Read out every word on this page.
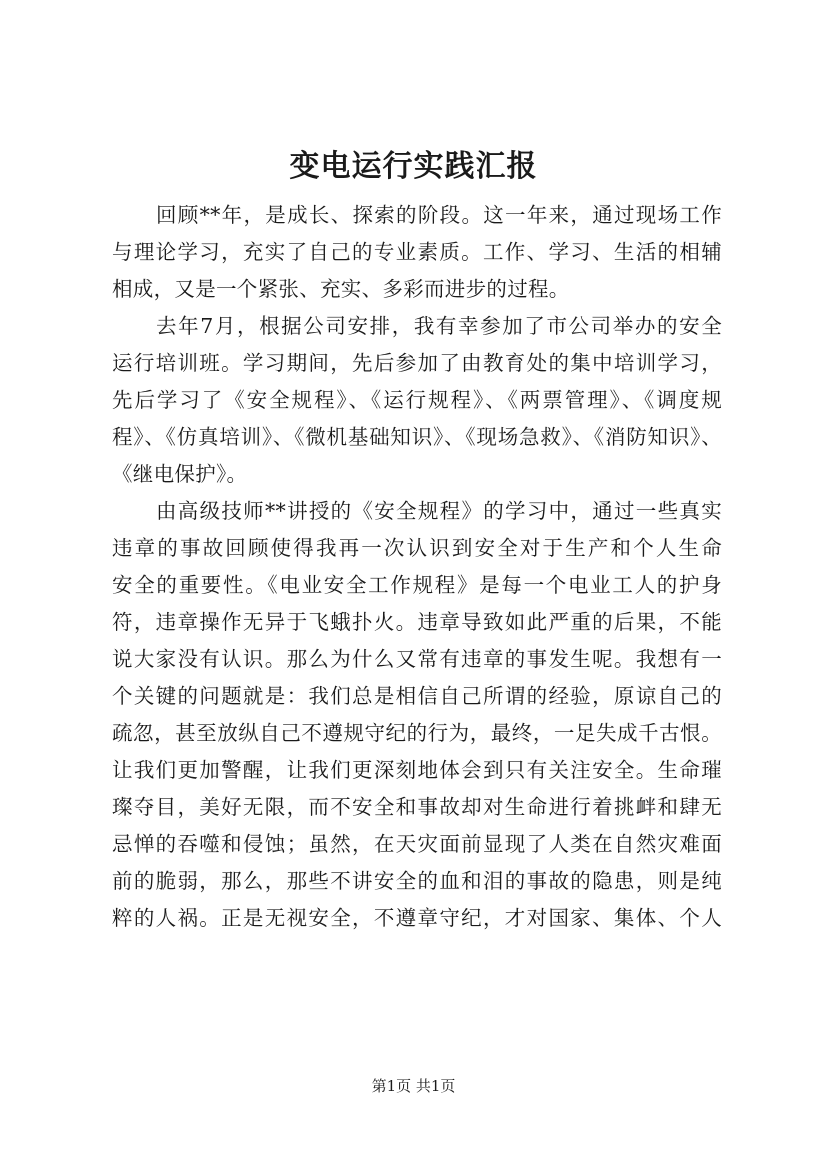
变电运行实践汇报
回顾**年，是成长、探索的阶段。这一年来，通过现场工作
与理论学习，充实了自己的专业素质。工作、学习、生活的相辅
相成，又是一个紧张、充实、多彩而进步的过程。
去年7月，根据公司安排，我有幸参加了市公司举办的安全
运行培训班。学习期间，先后参加了由教育处的集中培训学习，
先后学习了《安全规程》、《运行规程》、《两票管理》、《调度规
程》、《仿真培训》、《微机基础知识》、《现场急救》、《消防知识》、
《继电保护》。
由高级技师**讲授的《安全规程》的学习中，通过一些真实
违章的事故回顾使得我再一次认识到安全对于生产和个人生命
安全的重要性。《电业安全工作规程》是每一个电业工人的护身
符，违章操作无异于飞蛾扑火。违章导致如此严重的后果，不能
说大家没有认识。那么为什么又常有违章的事发生呢。我想有一
个关键的问题就是：我们总是相信自己所谓的经验，原谅自己的
疏忽，甚至放纵自己不遵规守纪的行为，最终，一足失成千古恨。
让我们更加警醒，让我们更深刻地体会到只有关注安全。生命璀
璨夺目，美好无限，而不安全和事故却对生命进行着挑衅和肆无
忌惮的吞噬和侵蚀；虽然，在天灾面前显现了人类在自然灾难面
前的脆弱，那么，那些不讲安全的血和泪的事故的隐患，则是纯
粹的人祸。正是无视安全，不遵章守纪，才对国家、集体、个人
第1页 共1页
